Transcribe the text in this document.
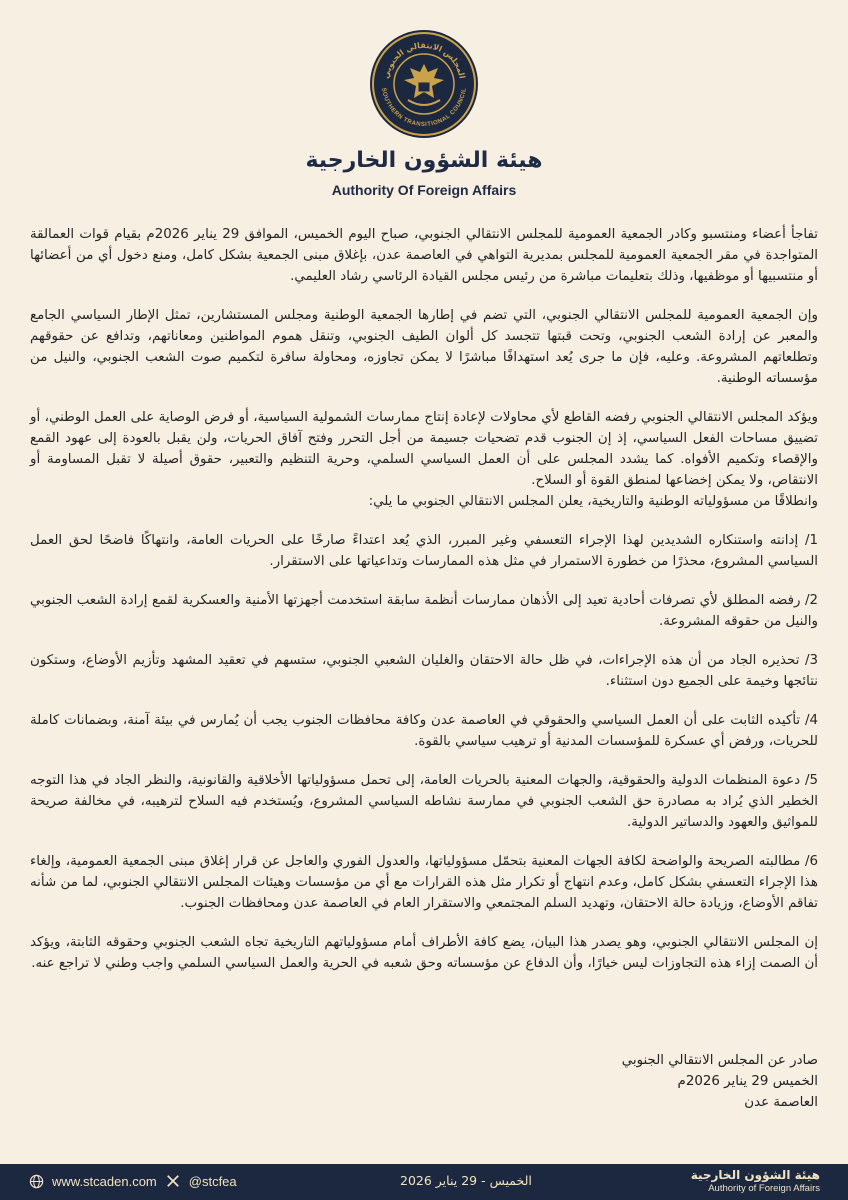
المجلس الانتقالي الجنوبي
SOUTHERN TRANSITIONAL COUNCIL
هيئة الشؤون الخارجية
Authority Of Foreign Affairs

تفاجأ أعضاء ومنتسبو وكادر الجمعية العمومية للمجلس الانتقالي الجنوبي، صباح اليوم الخميس، الموافق 29 يناير 2026م بقيام قوات العمالقة المتواجدة في مقر الجمعية العمومية للمجلس بمديرية التواهي في العاصمة عدن، بإغلاق مبنى الجمعية بشكل كامل، ومنع دخول أي من أعضائها أو منتسبيها أو موظفيها، وذلك بتعليمات مباشرة من رئيس مجلس القيادة الرئاسي رشاد العليمي.

وإن الجمعية العمومية للمجلس الانتقالي الجنوبي، التي تضم في إطارها الجمعية الوطنية ومجلس المستشارين، تمثل الإطار السياسي الجامع والمعبر عن إرادة الشعب الجنوبي، وتحت قبتها تتجسد كل ألوان الطيف الجنوبي، وتنقل هموم المواطنين ومعاناتهم، وتدافع عن حقوقهم وتطلعاتهم المشروعة. وعليه، فإن ما جرى يُعد استهدافًا مباشرًا لا يمكن تجاوزه، ومحاولة سافرة لتكميم صوت الشعب الجنوبي، والنيل من مؤسساته الوطنية.

ويؤكد المجلس الانتقالي الجنوبي رفضه القاطع لأي محاولات لإعادة إنتاج ممارسات الشمولية السياسية، أو فرض الوصاية على العمل الوطني، أو تضييق مساحات الفعل السياسي، إذ إن الجنوب قدم تضحيات جسيمة من أجل التحرر وفتح آفاق الحريات، ولن يقبل بالعودة إلى عهود القمع والإقصاء وتكميم الأفواه. كما يشدد المجلس على أن العمل السياسي السلمي، وحرية التنظيم والتعبير، حقوق أصيلة لا تقبل المساومة أو الانتقاص، ولا يمكن إخضاعها لمنطق القوة أو السلاح.

وانطلاقًا من مسؤولياته الوطنية والتاريخية، يعلن المجلس الانتقالي الجنوبي ما يلي:

1/ إدانته واستنكاره الشديدين لهذا الإجراء التعسفي وغير المبرر، الذي يُعد اعتداءً صارخًا على الحريات العامة، وانتهاكًا فاضحًا لحق العمل السياسي المشروع، محذرًا من خطورة الاستمرار في مثل هذه الممارسات وتداعياتها على الاستقرار.

2/ رفضه المطلق لأي تصرفات أحادية تعيد إلى الأذهان ممارسات أنظمة سابقة استخدمت أجهزتها الأمنية والعسكرية لقمع إرادة الشعب الجنوبي والنيل من حقوقه المشروعة.

3/ تحذيره الجاد من أن هذه الإجراءات، في ظل حالة الاحتقان والغليان الشعبي الجنوبي، ستسهم في تعقيد المشهد وتأزيم الأوضاع، وستكون نتائجها وخيمة على الجميع دون استثناء.

4/ تأكيده الثابت على أن العمل السياسي والحقوقي في العاصمة عدن وكافة محافظات الجنوب يجب أن يُمارس في بيئة آمنة، وبضمانات كاملة للحريات، ورفض أي عسكرة للمؤسسات المدنية أو ترهيب سياسي بالقوة.

5/ دعوة المنظمات الدولية والحقوقية، والجهات المعنية بالحريات العامة، إلى تحمل مسؤولياتها الأخلاقية والقانونية، والنظر الجاد في هذا التوجه الخطير الذي يُراد به مصادرة حق الشعب الجنوبي في ممارسة نشاطه السياسي المشروع، ويُستخدم فيه السلاح لترهيبه، في مخالفة صريحة للمواثيق والعهود والدساتير الدولية.

6/ مطالبته الصريحة والواضحة لكافة الجهات المعنية بتحمّل مسؤولياتها، والعدول الفوري والعاجل عن قرار إغلاق مبنى الجمعية العمومية، وإلغاء هذا الإجراء التعسفي بشكل كامل، وعدم انتهاج أو تكرار مثل هذه القرارات مع أي من مؤسسات وهيئات المجلس الانتقالي الجنوبي، لما من شأنه تفاقم الأوضاع، وزيادة حالة الاحتقان، وتهديد السلم المجتمعي والاستقرار العام في العاصمة عدن ومحافظات الجنوب.

إن المجلس الانتقالي الجنوبي، وهو يصدر هذا البيان، يضع كافة الأطراف أمام مسؤولياتهم التاريخية تجاه الشعب الجنوبي وحقوقه الثابتة، ويؤكد أن الصمت إزاء هذه التجاوزات ليس خيارًا، وأن الدفاع عن مؤسساته وحق شعبه في الحرية والعمل السياسي السلمي واجب وطني لا تراجع عنه.

صادر عن المجلس الانتقالي الجنوبي
الخميس 29 يناير 2026م
العاصمة عدن
www.stcaden.com @stcfea	الخميس - 29 يناير 2026	هيئة الشؤون الخارجية
Authority of Foreign Affairs
